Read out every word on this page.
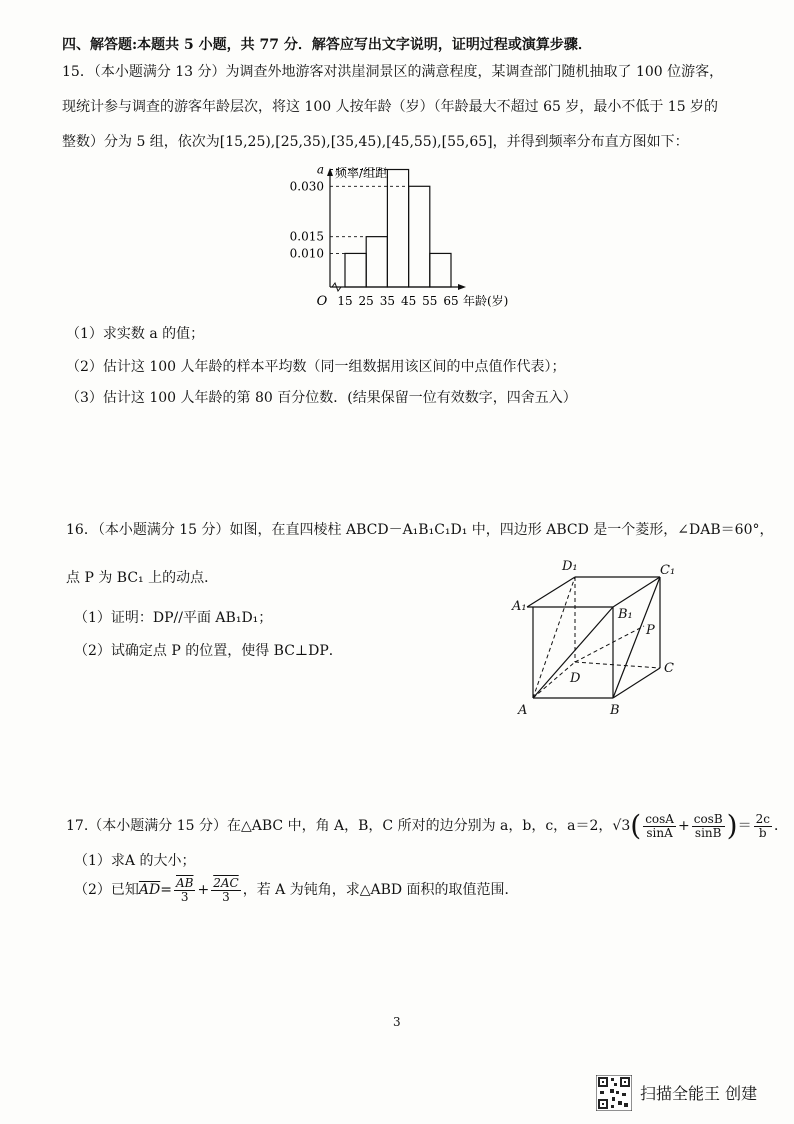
四、解答题:本题共 5 小题，共 77 分．解答应写出文字说明，证明过程或演算步骤．
15．（本小题满分 13 分）为调查外地游客对洪崖洞景区的满意程度，某调查部门随机抽取了 100 位游客，
现统计参与调查的游客年龄层次，将这 100 人按年龄（岁）（年龄最大不超过 65 岁，最小不低于 15 岁的
整数）分为 5 组，依次为[15,25),[25,35),[35,45),[45,55),[55,65]，并得到频率分布直方图如下：
0.010
0.015
0.030
a
15 25 35 45 55 65
O
频率/组距
年龄(岁)
（1）求实数 a 的值；
（2）估计这 100 人年龄的样本平均数（同一组数据用该区间的中点值作代表）；
（3）估计这 100 人年龄的第 80 百分位数．(结果保留一位有效数字，四舍五入）
16．（本小题满分 15 分）如图，在直四棱柱 ABCD－A₁B₁C₁D₁ 中，四边形 ABCD 是一个菱形，∠DAB＝60°，
点 P 为 BC₁ 上的动点．
（1）证明：DP//平面 AB₁D₁；
（2）试确定点 P 的位置，使得 BC⊥DP．
D₁	C₁
A₁
B₁
P
C
D
A	B
17.（本小题满分 15 分）在△ABC 中，角 A，B，C 所对的边分别为 a，b，c，a＝2，$√3( \frac{\cos A}{\sin A} + \frac{\cos B}{\sin B}$ )＝ $\frac{2c}{b}$ ．
（1）求A 的大小；
（2）已知$\overline{AD}= \frac{\overline{AB}}{3} + \frac{2AC}{3}$ ，若 A 为钝角，求△ABD 面积的取值范围．
3
扫描全能王 创建
